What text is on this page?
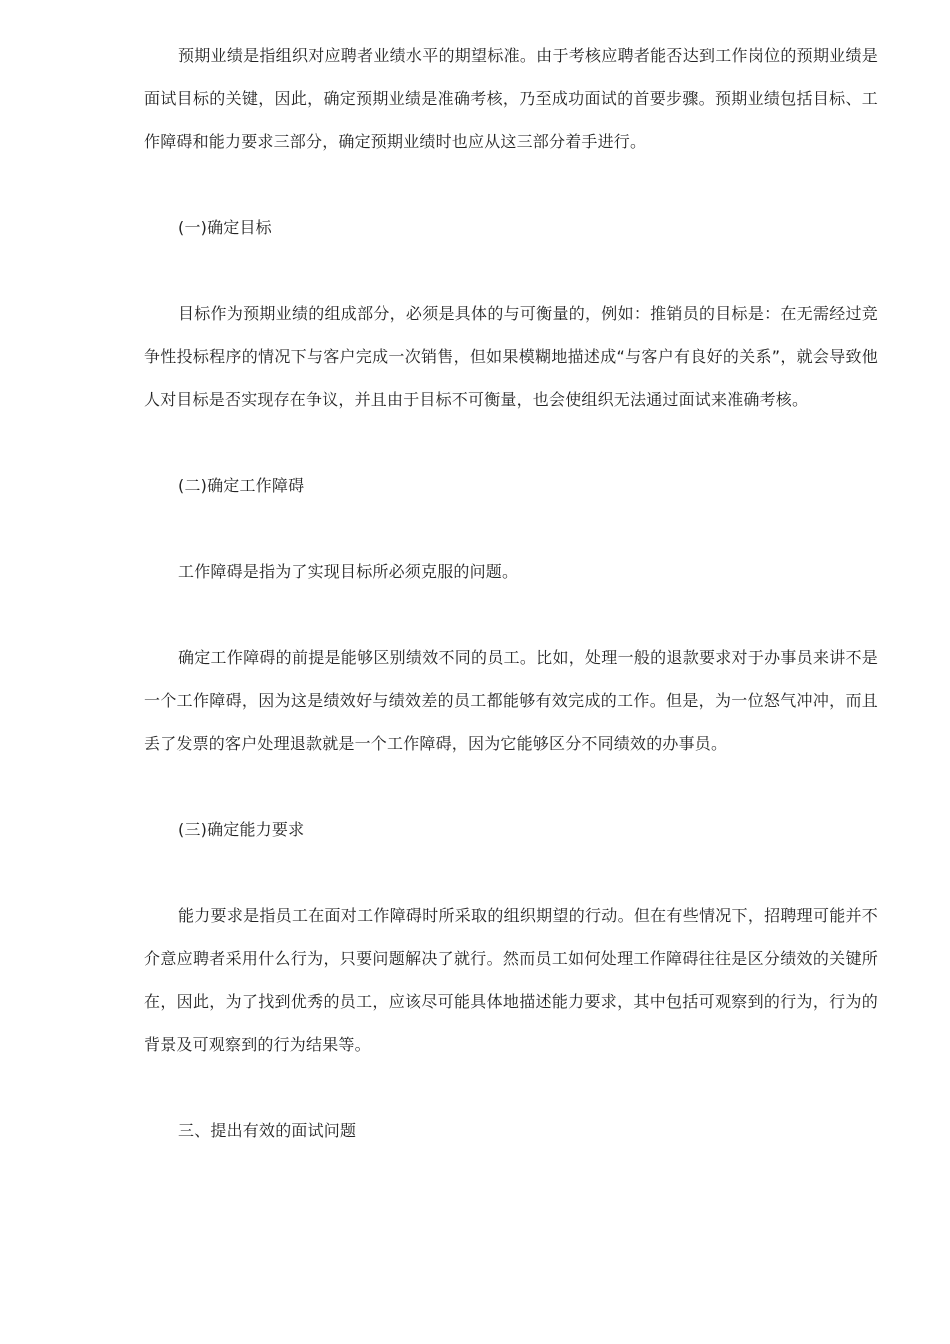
预期业绩是指组织对应聘者业绩水平的期望标准。由于考核应聘者能否达到工作岗位的预期业绩是面试目标的关键，因此，确定预期业绩是准确考核，乃至成功面试的首要步骤。预期业绩包括目标、工作障碍和能力要求三部分，确定预期业绩时也应从这三部分着手进行。

(一)确定目标

目标作为预期业绩的组成部分，必须是具体的与可衡量的，例如：推销员的目标是：在无需经过竞争性投标程序的情况下与客户完成一次销售，但如果模糊地描述成“与客户有良好的关系”，就会导致他人对目标是否实现存在争议，并且由于目标不可衡量，也会使组织无法通过面试来准确考核。

(二)确定工作障碍

工作障碍是指为了实现目标所必须克服的问题。

确定工作障碍的前提是能够区别绩效不同的员工。比如，处理一般的退款要求对于办事员来讲不是一个工作障碍，因为这是绩效好与绩效差的员工都能够有效完成的工作。但是，为一位怒气冲冲，而且丢了发票的客户处理退款就是一个工作障碍，因为它能够区分不同绩效的办事员。

(三)确定能力要求

能力要求是指员工在面对工作障碍时所采取的组织期望的行动。但在有些情况下，招聘理可能并不介意应聘者采用什么行为，只要问题解决了就行。然而员工如何处理工作障碍往往是区分绩效的关键所在，因此，为了找到优秀的员工，应该尽可能具体地描述能力要求，其中包括可观察到的行为，行为的背景及可观察到的行为结果等。

三、提出有效的面试问题
